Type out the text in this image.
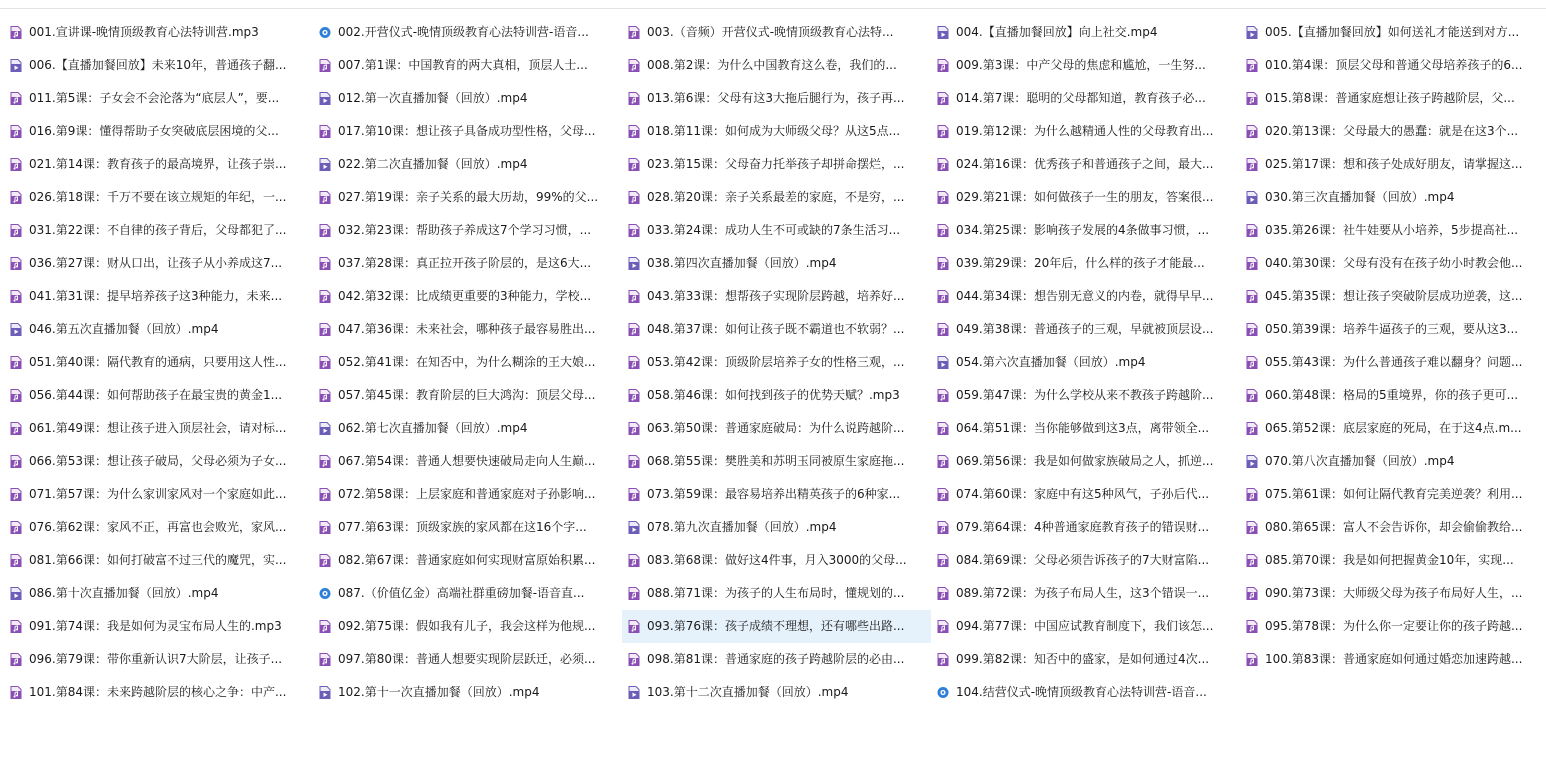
001.宣讲课-晚情顶级教育心法特训营.mp3	002.开营仪式-晚情顶级教育心法特训营-语音...	003.（音频）开营仪式-晚情顶级教育心法特...	004.【直播加餐回放】向上社交.mp4	005.【直播加餐回放】如何送礼才能送到对方...
006.【直播加餐回放】未来10年，普通孩子翻...	007.第1课：中国教育的两大真相，顶层人士...	008.第2课：为什么中国教育这么卷，我们的...	009.第3课：中产父母的焦虑和尴尬，一生努...	010.第4课：顶层父母和普通父母培养孩子的6...
011.第5课：子女会不会沦落为“底层人”，要...	012.第一次直播加餐（回放）.mp4	013.第6课：父母有这3大拖后腿行为，孩子再...	014.第7课：聪明的父母都知道，教育孩子必...	015.第8课：普通家庭想让孩子跨越阶层，父...
016.第9课：懂得帮助子女突破底层困境的父...	017.第10课：想让孩子具备成功型性格，父母...	018.第11课：如何成为大师级父母？从这5点...	019.第12课：为什么越精通人性的父母教育出...	020.第13课：父母最大的愚蠢：就是在这3个...
021.第14课：教育孩子的最高境界，让孩子崇...	022.第二次直播加餐（回放）.mp4	023.第15课：父母奋力托举孩子却拼命摆烂，...	024.第16课：优秀孩子和普通孩子之间，最大...	025.第17课：想和孩子处成好朋友，请掌握这...
026.第18课：千万不要在该立规矩的年纪，一...	027.第19课：亲子关系的最大历劫，99%的父...	028.第20课：亲子关系最差的家庭，不是穷，...	029.第21课：如何做孩子一生的朋友，答案很...	030.第三次直播加餐（回放）.mp4
031.第22课：不自律的孩子背后，父母都犯了...	032.第23课：帮助孩子养成这7个学习习惯，...	033.第24课：成功人生不可或缺的7条生活习...	034.第25课：影响孩子发展的4条做事习惯，...	035.第26课：社牛娃要从小培养，5步提高社...
036.第27课：财从口出，让孩子从小养成这7...	037.第28课：真正拉开孩子阶层的，是这6大...	038.第四次直播加餐（回放）.mp4	039.第29课：20年后，什么样的孩子才能最...	040.第30课：父母有没有在孩子幼小时教会他...
041.第31课：提早培养孩子这3种能力，未来...	042.第32课：比成绩更重要的3种能力，学校...	043.第33课：想帮孩子实现阶层跨越，培养好...	044.第34课：想告别无意义的内卷，就得早早...	045.第35课：想让孩子突破阶层成功逆袭，这...
046.第五次直播加餐（回放）.mp4	047.第36课：未来社会，哪种孩子最容易胜出...	048.第37课：如何让孩子既不霸道也不软弱？...	049.第38课：普通孩子的三观，早就被顶层设...	050.第39课：培养牛逼孩子的三观，要从这3...
051.第40课：隔代教育的通病，只要用这人性...	052.第41课：在知否中，为什么糊涂的王大娘...	053.第42课：顶级阶层培养子女的性格三观，...	054.第六次直播加餐（回放）.mp4	055.第43课：为什么普通孩子难以翻身？问题...
056.第44课：如何帮助孩子在最宝贵的黄金1...	057.第45课：教育阶层的巨大鸿沟：顶层父母...	058.第46课：如何找到孩子的优势天赋？.mp3	059.第47课：为什么学校从来不教孩子跨越阶...	060.第48课：格局的5重境界，你的孩子更可...
061.第49课：想让孩子进入顶层社会，请对标...	062.第七次直播加餐（回放）.mp4	063.第50课：普通家庭破局：为什么说跨越阶...	064.第51课：当你能够做到这3点，离带领全...	065.第52课：底层家庭的死局，在于这4点.m...
066.第53课：想让孩子破局，父母必须为子女...	067.第54课：普通人想要快速破局走向人生巅...	068.第55课：樊胜美和苏明玉同被原生家庭拖...	069.第56课：我是如何做家族破局之人，抓逆...	070.第八次直播加餐（回放）.mp4
071.第57课：为什么家训家风对一个家庭如此...	072.第58课：上层家庭和普通家庭对子孙影响...	073.第59课：最容易培养出精英孩子的6种家...	074.第60课：家庭中有这5种风气，子孙后代...	075.第61课：如何让隔代教育完美逆袭？利用...
076.第62课：家风不正，再富也会败光，家风...	077.第63课：顶级家族的家风都在这16个字...	078.第九次直播加餐（回放）.mp4	079.第64课：4种普通家庭教育孩子的错误财...	080.第65课：富人不会告诉你，却会偷偷教给...
081.第66课：如何打破富不过三代的魔咒，实...	082.第67课：普通家庭如何实现财富原始积累...	083.第68课：做好这4件事，月入3000的父母...	084.第69课：父母必须告诉孩子的7大财富陷...	085.第70课：我是如何把握黄金10年，实现...
086.第十次直播加餐（回放）.mp4	087.（价值亿金）高端社群重磅加餐-语音直...	088.第71课：为孩子的人生布局时，懂规划的...	089.第72课：为孩子布局人生，这3个错误一...	090.第73课：大师级父母为孩子布局好人生，...
091.第74课：我是如何为灵宝布局人生的.mp3	092.第75课：假如我有儿子，我会这样为他规...	093.第76课：孩子成绩不理想，还有哪些出路...	094.第77课：中国应试教育制度下，我们该怎...	095.第78课：为什么你一定要让你的孩子跨越...
096.第79课：带你重新认识7大阶层，让孩子...	097.第80课：普通人想要实现阶层跃迁，必须...	098.第81课：普通家庭的孩子跨越阶层的必由...	099.第82课：知否中的盛家，是如何通过4次...	100.第83课：普通家庭如何通过婚恋加速跨越...
101.第84课：未来跨越阶层的核心之争：中产...	102.第十一次直播加餐（回放）.mp4	103.第十二次直播加餐（回放）.mp4	104.结营仪式-晚情顶级教育心法特训营-语音...
